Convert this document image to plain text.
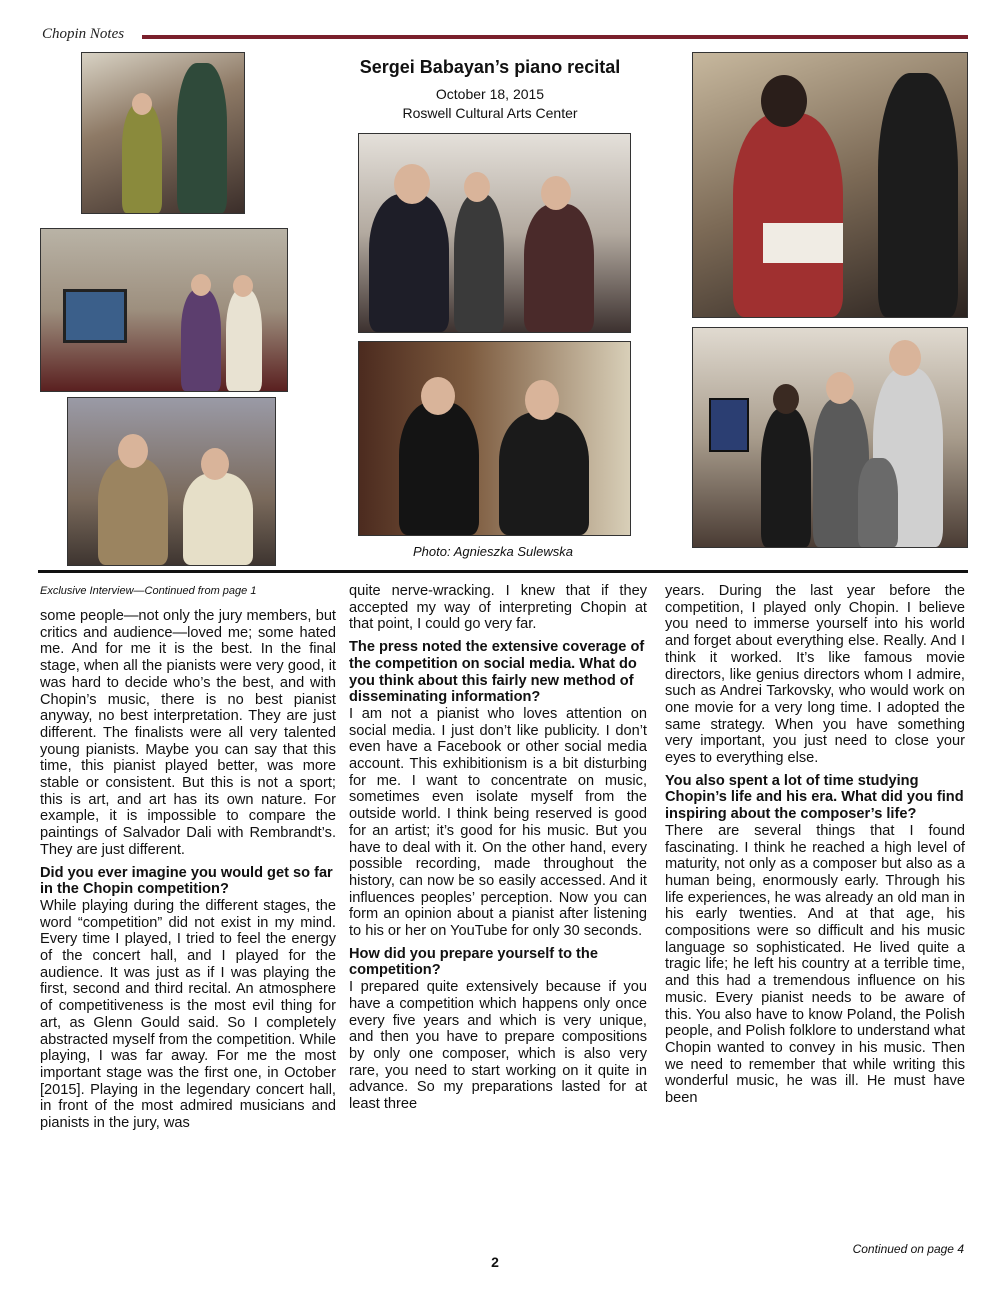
Chopin Notes
Sergei Babayan’s piano recital
October 18, 2015
Roswell Cultural Arts Center
Photo: Agnieszka Sulewska

Exclusive Interview—Continued from page 1

some people—not only the jury members, but critics and audience—loved me; some hated me. And for me it is the best. In the final stage, when all the pianists were very good, it was hard to decide who’s the best, and with Chopin’s music, there is no best pianist anyway, no best interpretation. They are just different. The finalists were all very talented young pianists. Maybe you can say that this time, this pianist played better, was more stable or consistent. But this is not a sport; this is art, and art has its own nature. For example, it is impossible to compare the paintings of Salvador Dali with Rembrandt’s. They are just different.

Did you ever imagine you would get so far in the Chopin competition?

While playing during the different stages, the word “competition” did not exist in my mind. Every time I played, I tried to feel the energy of the concert hall, and I played for the audience. It was just as if I was playing the first, second and third recital. An atmosphere of competitiveness is the most evil thing for art, as Glenn Gould said. So I completely abstracted myself from the competition. While playing, I was far away. For me the most important stage was the first one, in October [2015]. Playing in the legendary concert hall, in front of the most admired musicians and pianists in the jury, was

quite nerve-wracking. I knew that if they accepted my way of interpreting Chopin at that point, I could go very far.

The press noted the extensive coverage of the competition on social media. What do you think about this fairly new method of disseminating information?

I am not a pianist who loves attention on social media. I just don’t like publicity. I don’t even have a Facebook or other social media account. This exhibitionism is a bit disturbing for me. I want to concentrate on music, sometimes even isolate myself from the outside world. I think being reserved is good for an artist; it’s good for his music. But you have to deal with it. On the other hand, every possible recording, made throughout the history, can now be so easily accessed. And it influences peoples’ perception. Now you can form an opinion about a pianist after listening to his or her on YouTube for only 30 seconds.

How did you prepare yourself to the competition?

I prepared quite extensively because if you have a competition which happens only once every five years and which is very unique, and then you have to prepare compositions by only one composer, which is also very rare, you need to start working on it quite in advance. So my preparations lasted for at least three

years. During the last year before the competition, I played only Chopin. I believe you need to immerse yourself into his world and forget about everything else. Really. And I think it worked. It’s like famous movie directors, like genius directors whom I admire, such as Andrei Tarkovsky, who would work on one movie for a very long time. I adopted the same strategy. When you have something very important, you just need to close your eyes to everything else.

You also spent a lot of time studying Chopin’s life and his era. What did you find inspiring about the composer’s life?

There are several things that I found fascinating. I think he reached a high level of maturity, not only as a composer but also as a human being, enormously early. Through his life experiences, he was already an old man in his early twenties. And at that age, his compositions were so difficult and his music language so sophisticated. He lived quite a tragic life; he left his country at a terrible time, and this had a tremendous influence on his music. Every pianist needs to be aware of this. You also have to know Poland, the Polish people, and Polish folklore to understand what Chopin wanted to convey in his music. Then we need to remember that while writing this wonderful music, he was ill. He must have been

Continued on page 4
2
